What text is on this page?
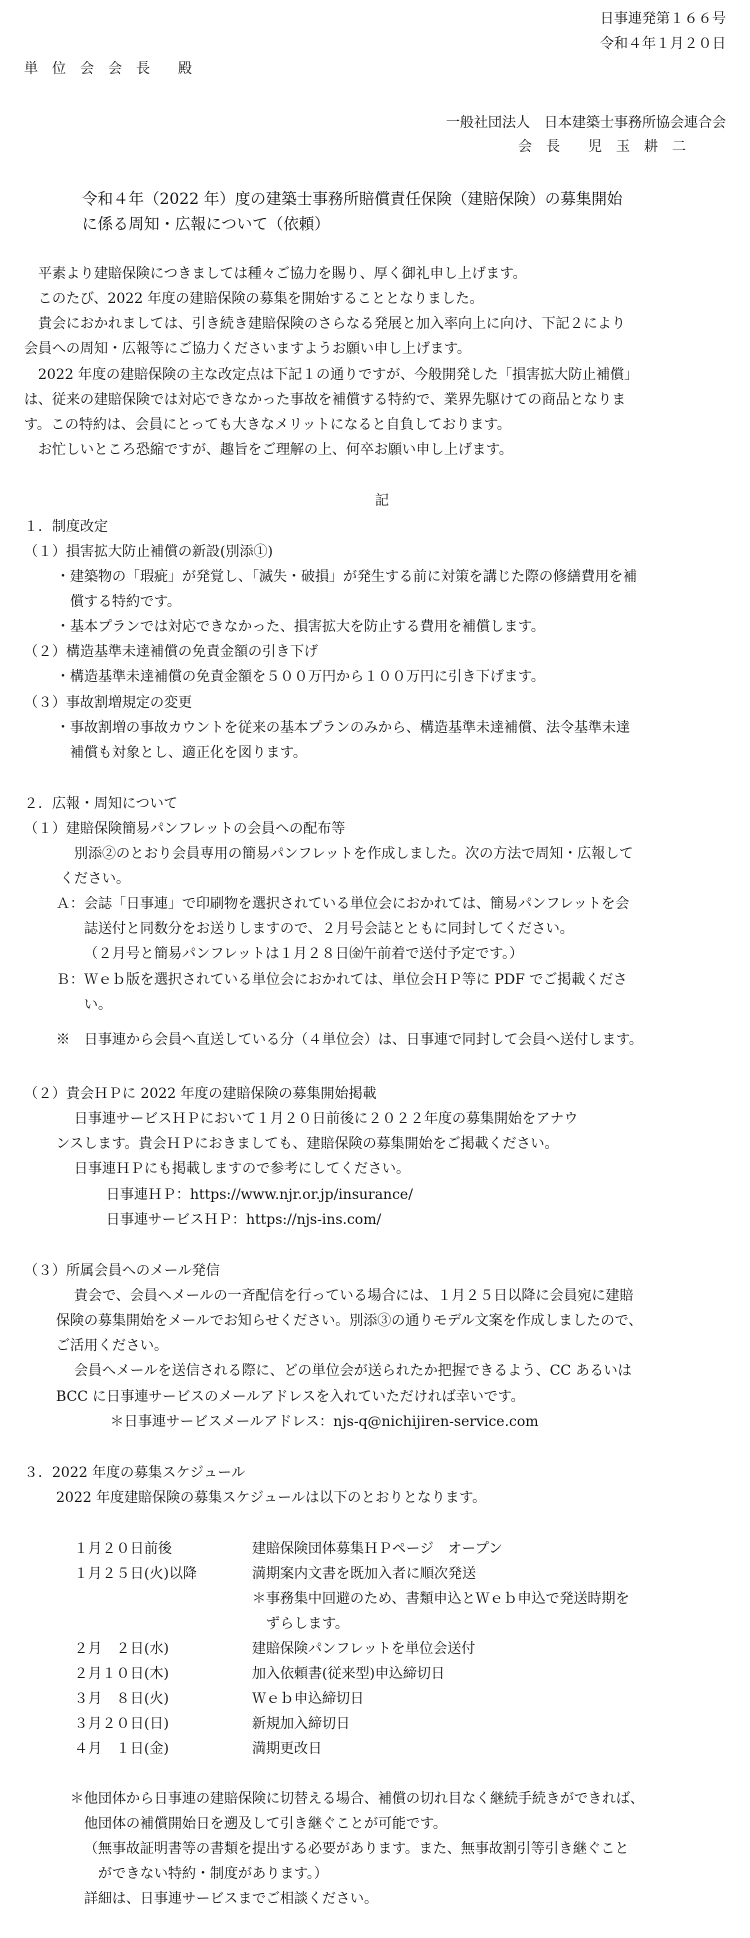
日事連発第１６６号
令和４年１月２０日
単　位　会　会　長　　殿
一般社団法人　日本建築士事務所協会連合会
会　長　　児　玉　耕　二
令和４年（2022 年）度の建築士事務所賠償責任保険（建賠保険）の募集開始
に係る周知・広報について（依頼）
平素より建賠保険につきましては種々ご協力を賜り、厚く御礼申し上げます。
このたび、2022 年度の建賠保険の募集を開始することとなりました。
貴会におかれましては、引き続き建賠保険のさらなる発展と加入率向上に向け、下記２により
会員への周知・広報等にご協力くださいますようお願い申し上げます。
2022 年度の建賠保険の主な改定点は下記１の通りですが、今般開発した「損害拡大防止補償」
は、従来の建賠保険では対応できなかった事故を補償する特約で、業界先駆けての商品となりま
す。この特約は、会員にとっても大きなメリットになると自負しております。
お忙しいところ恐縮ですが、趣旨をご理解の上、何卒お願い申し上げます。
記
１．制度改定
（１）損害拡大防止補償の新設(別添①)
・建築物の「瑕疵」が発覚し、「滅失・破損」が発生する前に対策を講じた際の修繕費用を補
償する特約です。
・基本プランでは対応できなかった、損害拡大を防止する費用を補償します。
（２）構造基準未達補償の免責金額の引き下げ
・構造基準未達補償の免責金額を５００万円から１００万円に引き下げます。
（３）事故割増規定の変更
・事故割増の事故カウントを従来の基本プランのみから、構造基準未達補償、法令基準未達
補償も対象とし、適正化を図ります。
２．広報・周知について
（１）建賠保険簡易パンフレットの会員への配布等
別添②のとおり会員専用の簡易パンフレットを作成しました。次の方法で周知・広報して
ください。
Ａ：会誌「日事連」で印刷物を選択されている単位会におかれては、簡易パンフレットを会
誌送付と同数分をお送りしますので、２月号会誌とともに同封してください。
（２月号と簡易パンフレットは１月２８日㈮午前着で送付予定です。）
Ｂ：Ｗｅｂ版を選択されている単位会におかれては、単位会ＨＰ等に PDF でご掲載くださ
い。
※　日事連から会員へ直送している分（４単位会）は、日事連で同封して会員へ送付します。
（２）貴会ＨＰに 2022 年度の建賠保険の募集開始掲載
日事連サービスＨＰにおいて１月２０日前後に２０２２年度の募集開始をアナウ
ンスします。貴会ＨＰにおきましても、建賠保険の募集開始をご掲載ください。
日事連ＨＰにも掲載しますので参考にしてください。
日事連ＨＰ：https://www.njr.or.jp/insurance/
日事連サービスＨＰ：https://njs-ins.com/
（３）所属会員へのメール発信
貴会で、会員へメールの一斉配信を行っている場合には、１月２５日以降に会員宛に建賠
保険の募集開始をメールでお知らせください。別添③の通りモデル文案を作成しましたので、
ご活用ください。
会員へメールを送信される際に、どの単位会が送られたか把握できるよう、CC あるいは
BCC に日事連サービスのメールアドレスを入れていただければ幸いです。
＊日事連サービスメールアドレス：njs-q@nichijiren-service.com
３．2022 年度の募集スケジュール
2022 年度建賠保険の募集スケジュールは以下のとおりとなります。
１月２０日前後	建賠保険団体募集ＨＰページ　オープン
１月２５日(火)以降	満期案内文書を既加入者に順次発送
＊事務集中回避のため、書類申込とＷｅｂ申込で発送時期を
ずらします。
２月　２日(水)	建賠保険パンフレットを単位会送付
２月１０日(木)	加入依頼書(従来型)申込締切日
３月　８日(火)	Ｗｅｂ申込締切日
３月２０日(日)	新規加入締切日
４月　１日(金)	満期更改日
＊他団体から日事連の建賠保険に切替える場合、補償の切れ目なく継続手続きができれば、
他団体の補償開始日を遡及して引き継ぐことが可能です。
（無事故証明書等の書類を提出する必要があります。また、無事故割引等引き継ぐこと
ができない特約・制度があります。）
詳細は、日事連サービスまでご相談ください。
